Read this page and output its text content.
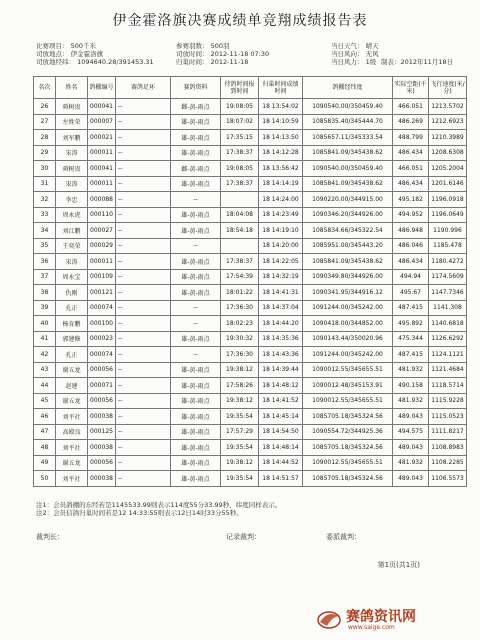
伊金霍洛旗决赛成绩单竞翔成绩报告表
比赛项目： 500千米	参赛羽数： 500羽	当日天气： 晴天
司放地点： 伊金霍洛旗	司放时间： 2012-11-18 07:30	当日风向： 无风
司放地经纬： 1094640.28/391453.31	归巢时间： 2012-11-18	当日风力： 1级 制表：2012年11月18日
名次	姓名	鸽棚编号	赛鸽足环	赛鸽资料	待鸽时间报到时间	归巢时间成绩时间	鸽棚经纬度	实际空距(千米)	飞行速度(米/分)
26	舜树贵	000041	--	雌-黄-雨点	19:08:05	18 13:54:02	1090540.00/350459.40	466.051	1213.5702
27	左姓荣	000007	--	雄-黄-雨点	18:07:02	18 14:10:59	1085835.40/345444.70	486.269	1212.6923
28	刘军鹏	000021	--	雄-黄-雨点	17:35:15	18 14:13:50	1085657.11/345333.54	488.799	1210.3989
29	宋涛	000011	--	雄-黄-雨点	17:38:37	18 14:12:28	1085841.09/345438.62	486.434	1208.6308
30	舜树贵	000041	--	雌-黄-雨点	19:08:05	18 13:56:42	1090540.00/350459.40	466.051	1205.2004
31	宋涛	000011	--	雄-黄-雨点	17:38:37	18 14:14:19	1085841.09/345438.62	486.434	1201.6146
32	李忠	000088	--	--		18 14:24:00	1090220.00/344915.00	495.182	1196.0918
33	周永虎	000110	--	雄-黄-雨点	18:04:08	18 14:23:49	1090346.20/344926.00	494.952	1196.0649
34	刘江鹏	000027	--	雄-黄-雨点	18:54:18	18 14:19:10	1085834.66/345322.54	486.948	1190.996
35	王奕荣	000029	--	--		18 14:20:00	1085951.00/345443.20	486.046	1185.478
36	宋涛	000011	--	雄-黄-雨点	17:38:37	18 14:22:05	1085841.09/345438.62	486.434	1180.4272
37	周永宝	000109	--	雄-黄-雨点	17:54:39	18 14:32:19	1090349.80/344926.00	494.94	1174.5609
38	仇刚	000121	--	雄-黄-雨点	18:01:22	18 14:41:31	1090341.95/344916.12	495.67	1147.7346
39	孔正	000074	--	--	17:36:30	18 14:37:04	1091244.00/345242.00	487.415	1141.308
40	杨育鹏	000100	--	--	18:02:23	18 14:44:20	1090418.00/344852.00	495.892	1140.6818
41	郭建修	000023	--	雄-黄-雨点	19:30:32	18 14:35:36	1090143.44/350020.96	475.344	1126.6292
42	孔正	000074	--	--	17:36:30	18 14:43:36	1091244.00/345242.00	487.415	1124.1121
43	谢五龙	000056	--	雄-黄-雨点	19:38:12	18 14:39:44	1090012.55/345655.51	481.932	1121.4684
44	赵建	000071	--	雄-黄-雨点	17:58:26	18 14:48:12	1090012.48/345153.91	490.158	1118.5714
45	谢五龙	000056	--	雄-黄-雨点	19:38:12	18 14:41:52	1090012.55/345655.51	481.932	1115.9228
46	刘平社	000038	--	雄-黄-雨点	19:35:54	18 14:45:14	1085705.18/345324.56	489.043	1115.0523
47	高殿良	000125	--	雄-黄-雨点	17:57:29	18 14:54:50	1090554.72/344925.36	494.575	1111.8217
48	刘平社	000038	--	雄-黄-雨点	19:35:54	18 14:48:14	1085705.18/345324.56	489.043	1108.8983
49	谢五龙	000056	--	雄-黄-雨点	19:38:12	18 14:44:52	1090012.55/345655.51	481.932	1108.2285
50	刘平社	000038	--	雄-黄-雨点	19:35:54	18 14:51:57	1085705.18/345324.56	489.043	1106.5573
注1：会员鸽棚的东经若是1145533.99则表示114度55分33.99秒，纬度同样表示。
注2：会员信鸽归巢时间若是12 14:33:55则表示12日14时33分55秒。
裁判长：	记录裁判：	委派裁判：
第1页(共1页)
赛鸽资讯网
www.saige.com
